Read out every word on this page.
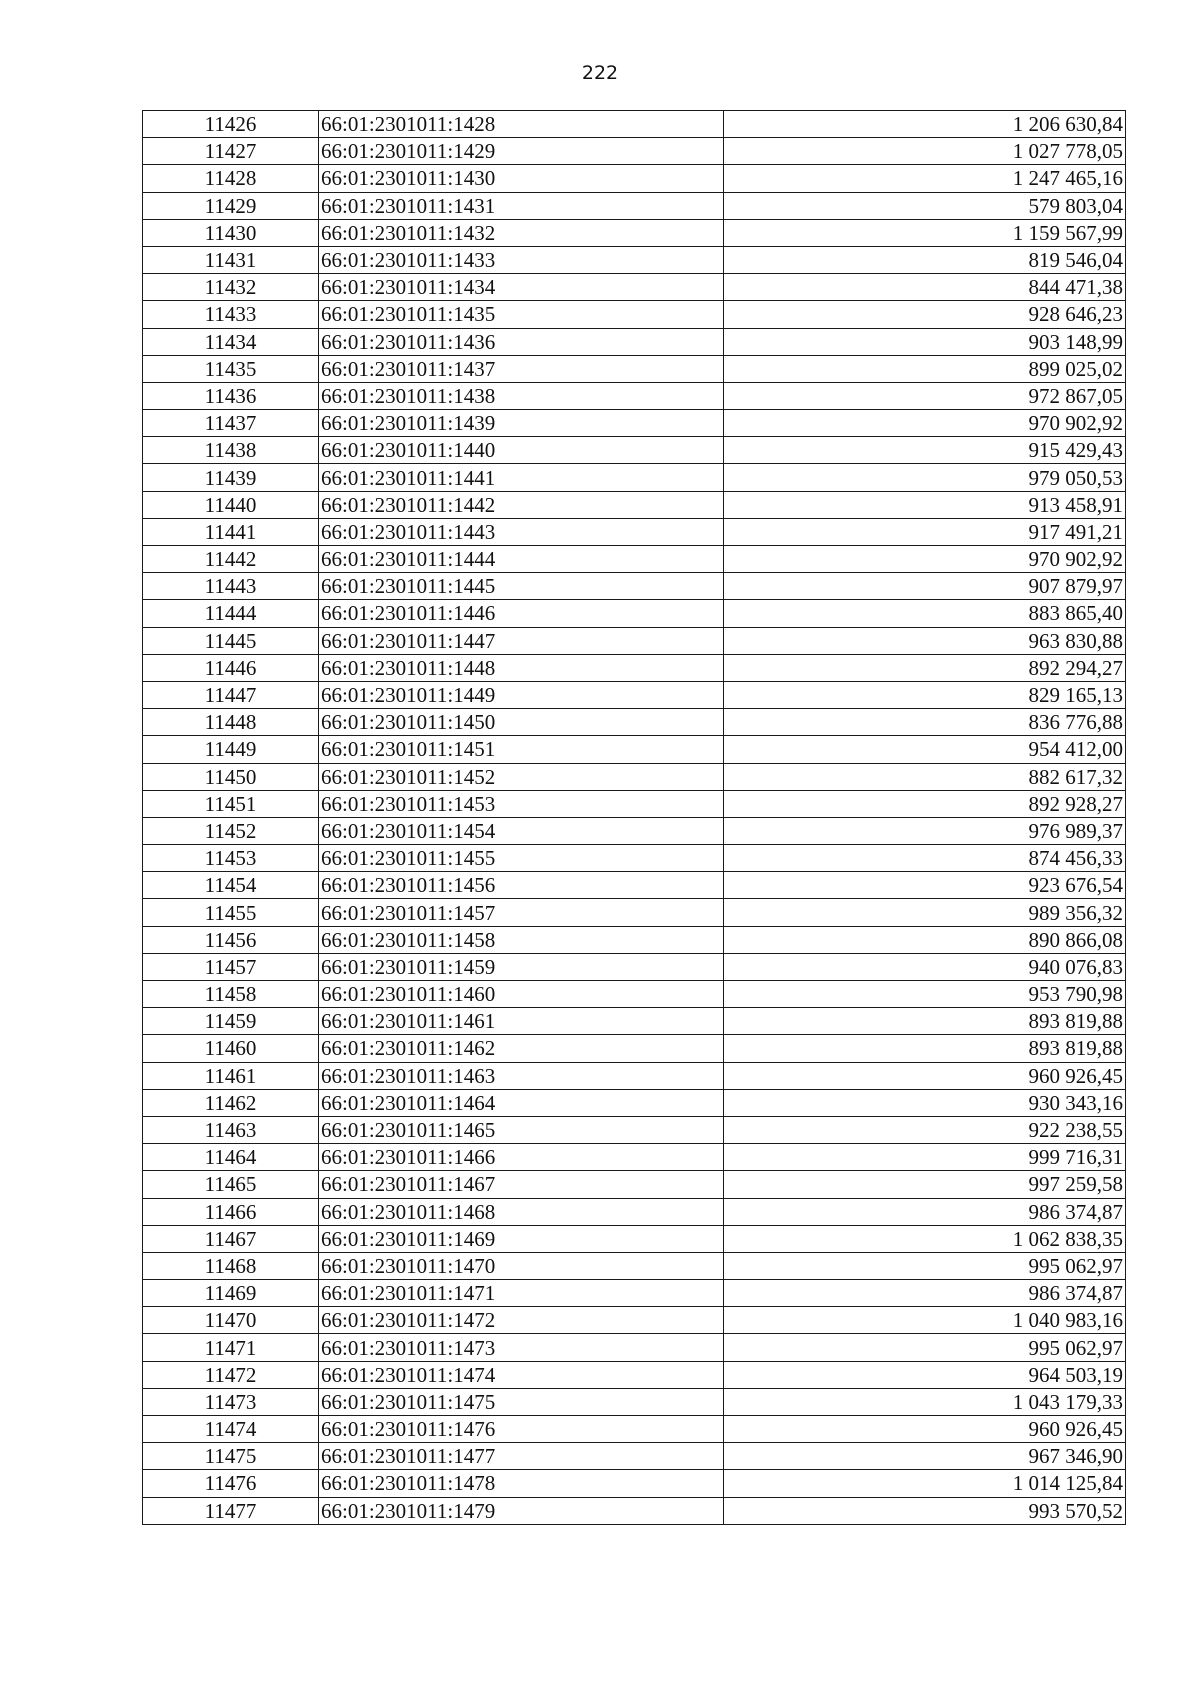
222
11426	66:01:2301011:1428	1 206 630,84
11427	66:01:2301011:1429	1 027 778,05
11428	66:01:2301011:1430	1 247 465,16
11429	66:01:2301011:1431	579 803,04
11430	66:01:2301011:1432	1 159 567,99
11431	66:01:2301011:1433	819 546,04
11432	66:01:2301011:1434	844 471,38
11433	66:01:2301011:1435	928 646,23
11434	66:01:2301011:1436	903 148,99
11435	66:01:2301011:1437	899 025,02
11436	66:01:2301011:1438	972 867,05
11437	66:01:2301011:1439	970 902,92
11438	66:01:2301011:1440	915 429,43
11439	66:01:2301011:1441	979 050,53
11440	66:01:2301011:1442	913 458,91
11441	66:01:2301011:1443	917 491,21
11442	66:01:2301011:1444	970 902,92
11443	66:01:2301011:1445	907 879,97
11444	66:01:2301011:1446	883 865,40
11445	66:01:2301011:1447	963 830,88
11446	66:01:2301011:1448	892 294,27
11447	66:01:2301011:1449	829 165,13
11448	66:01:2301011:1450	836 776,88
11449	66:01:2301011:1451	954 412,00
11450	66:01:2301011:1452	882 617,32
11451	66:01:2301011:1453	892 928,27
11452	66:01:2301011:1454	976 989,37
11453	66:01:2301011:1455	874 456,33
11454	66:01:2301011:1456	923 676,54
11455	66:01:2301011:1457	989 356,32
11456	66:01:2301011:1458	890 866,08
11457	66:01:2301011:1459	940 076,83
11458	66:01:2301011:1460	953 790,98
11459	66:01:2301011:1461	893 819,88
11460	66:01:2301011:1462	893 819,88
11461	66:01:2301011:1463	960 926,45
11462	66:01:2301011:1464	930 343,16
11463	66:01:2301011:1465	922 238,55
11464	66:01:2301011:1466	999 716,31
11465	66:01:2301011:1467	997 259,58
11466	66:01:2301011:1468	986 374,87
11467	66:01:2301011:1469	1 062 838,35
11468	66:01:2301011:1470	995 062,97
11469	66:01:2301011:1471	986 374,87
11470	66:01:2301011:1472	1 040 983,16
11471	66:01:2301011:1473	995 062,97
11472	66:01:2301011:1474	964 503,19
11473	66:01:2301011:1475	1 043 179,33
11474	66:01:2301011:1476	960 926,45
11475	66:01:2301011:1477	967 346,90
11476	66:01:2301011:1478	1 014 125,84
11477	66:01:2301011:1479	993 570,52
